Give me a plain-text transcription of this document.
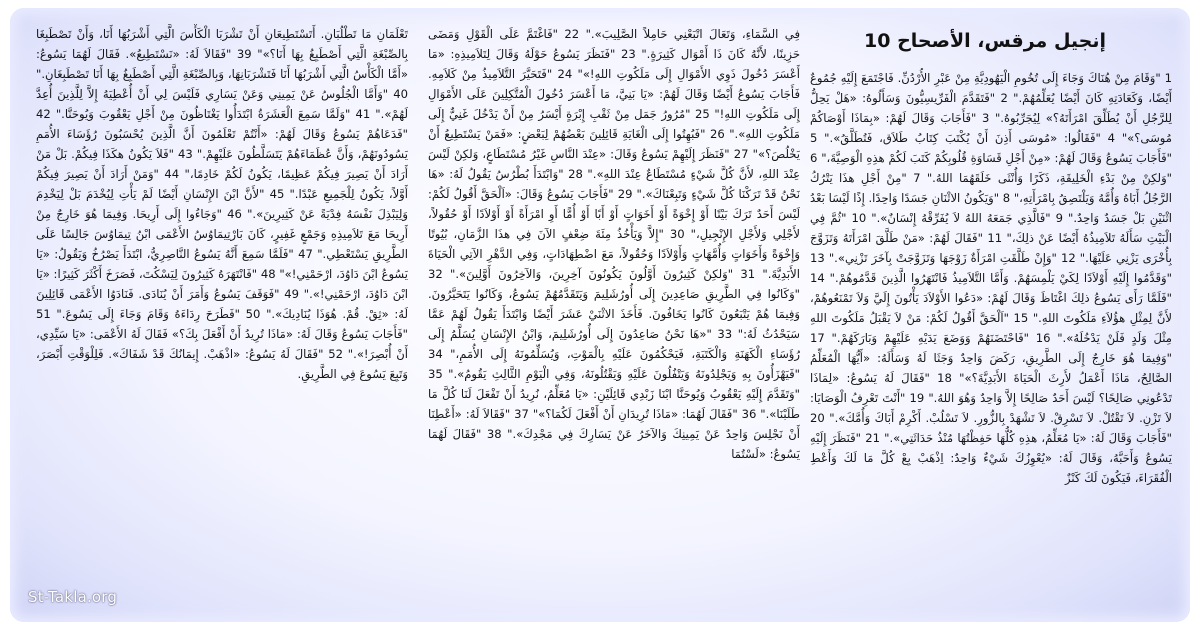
إنجيل مرقس، الأصحاح 10
1 "وَقَامَ مِنْ هُنَاكَ وَجَاءَ إِلَى تُخُومِ الْيَهُودِيَّةِ مِنْ عَبْرِ الأُرْدُنِّ. فَاجْتَمَعَ إِلَيْهِ جُمُوعٌ أَيْضًا، وَكَعَادَتِهِ كَانَ أَيْضًا يُعَلِّمُهُمْ." 2 "فَتَقَدَّمَ الْفَرِّيسِيُّونَ وَسَأَلُوهُ: «هَلْ يَحِلُّ لِلرَّجُلِ أَنْ يُطَلِّقَ امْرَأَتَهُ؟» لِيُجَرِّبُوهُ." 3 "فَأَجَابَ وَقَالَ لَهُمْ: «بِمَاذَا أَوْصَاكُمْ مُوسَى؟»" 4 "فَقَالُوا: «مُوسَى أَذِنَ أَنْ يُكْتَبَ كِتَابُ طَلاَق، فَتُطَلَّقُ»." 5 "فَأَجَابَ يَسُوعُ وَقَالَ لَهُمْ: «مِنْ أَجْلِ قَسَاوَةِ قُلُوبِكُمْ كَتَبَ لَكُمْ هذِهِ الْوَصِيَّةَ،" 6 "وَلكِنْ مِنْ بَدْءِ الْخَلِيقَةِ، ذَكَرًا وَأُنْثَى خَلَقَهُمَا اللهُ." 7 "مِنْ أَجْلِ هذَا يَتْرُكُ الرَّجُلُ أَبَاهُ وَأُمَّهُ وَيَلْتَصِقُ بِامْرَأَتِهِ،" 8 "وَيَكُونُ الاثْنَانِ جَسَدًا وَاحِدًا. إِذًا لَيْسَا بَعْدُ اثْنَيْنِ بَلْ جَسَدٌ وَاحِدٌ." 9 "فَالَّذِي جَمَعَهُ اللهُ لاَ يُفَرِّقْهُ إِنْسَانٌ»." 10 "ثُمَّ فِي الْبَيْتِ سَأَلَهُ تَلاَمِيذُهُ أَيْضًا عَنْ ذلِكَ،" 11 "فَقَالَ لَهُمْ: «مَنْ طَلَّقَ امْرَأَتَهُ وَتَزَوَّجَ بِأُخْرَى يَزْنِي عَلَيْهَا." 12 "وَإِنْ طَلَّقَتِ امْرَأَةٌ زَوْجَهَا وَتَزَوَّجَتْ بِآخَرَ تَزْنِي»." 13 "وَقَدَّمُوا إِلَيْهِ أَوْلاَدًا لِكَيْ يَلْمِسَهُمْ. وَأَمَّا التَّلاَمِيذُ فَانْتَهَرُوا الَّذِينَ قَدَّمُوهُمْ." 14 "فَلَمَّا رَأَى يَسُوعُ ذلِكَ اغْتَاظَ وَقَالَ لَهُمْ: «دَعُوا الأَوْلاَدَ يَأْتُونَ إِلَيَّ وَلاَ تَمْنَعُوهُمْ، لأَنَّ لِمِثْلِ هؤُلاَءِ مَلَكُوتَ اللهِ." 15 "اَلْحَقَّ أَقُولُ لَكُمْ: مَنْ لاَ يَقْبَلُ مَلَكُوتَ اللهِ مِثْلَ وَلَدٍ فَلَنْ يَدْخُلَهُ»." 16 "فَاحْتَضَنَهُمْ وَوَضَعَ يَدَيْهِ عَلَيْهِمْ وَبَارَكَهُمْ." 17 "وَفِيمَا هُوَ خَارِجٌ إِلَى الطَّرِيقِ، رَكَضَ وَاحِدٌ وَجَثَا لَهُ وَسَأَلَهُ: «أَيُّهَا الْمُعَلِّمُ الصَّالِحُ، مَاذَا أَعْمَلُ لأَرِثَ الْحَيَاةَ الأَبَدِيَّةَ؟»" 18 "فَقَالَ لَهُ يَسُوعُ: «لِمَاذَا تَدْعُونِي صَالِحًا؟ لَيْسَ أَحَدٌ صَالِحًا إِلاَّ وَاحِدٌ وَهُوَ اللهُ." 19 "أَنْتَ تَعْرِفُ الْوَصَايَا: لاَ تَزْنِ. لاَ تَقْتُلْ. لاَ تَسْرِقْ. لاَ تَشْهَدْ بِالزُّورِ. لاَ تَسْلُبْ. أَكْرِمْ أَبَاكَ وَأُمَّكَ»." 20 "فَأَجَابَ وَقَالَ لَهُ: «يَا مُعَلِّمُ، هذِهِ كُلُّهَا حَفِظْتُهَا مُنْذُ حَدَاثَتِي»." 21 "فَنَظَرَ إِلَيْهِ يَسُوعُ وَأَحَبَّهُ، وَقَالَ لَهُ: «يُعْوِزُكَ شَيْءٌ وَاحِدٌ: اِذْهَبْ بِعْ كُلَّ مَا لَكَ وَأَعْطِ الْفُقَرَاءَ، فَيَكُونَ لَكَ كَنْزٌ
فِي السَّمَاءِ، وَتَعَالَ اتْبَعْنِي حَامِلاً الصَّلِيبَ»." 22 "فَاغْتَمَّ عَلَى الْقَوْلِ وَمَضَى حَزِينًا، لأَنَّهُ كَانَ ذَا أَمْوَال كَثِيرَةٍ." 23 "فَنَظَرَ يَسُوعُ حَوْلَهُ وَقَالَ لِتَلاَمِيذِهِ: «مَا أَعْسَرَ دُخُولَ ذَوِي الأَمْوَالِ إِلَى مَلَكُوتِ اللهِ!»" 24 "فَتَحَيَّرَ التَّلاَمِيذُ مِنْ كَلاَمِهِ. فَأَجَابَ يَسُوعُ أَيْضًا وَقَالَ لَهُمْ: «يَا بَنِيَّ، مَا أَعْسَرَ دُخُولَ الْمُتَّكِلِينَ عَلَى الأَمْوَالِ إِلَى مَلَكُوتِ اللهِ!" 25 "مُرُورُ جَمَل مِنْ ثَقْبِ إِبْرَةٍ أَيْسَرُ مِنْ أَنْ يَدْخُلَ غَنِيٌّ إِلَى مَلَكُوتِ اللهِ»." 26 "فَبُهِتُوا إِلَى الْغَايَةِ قَائِلِينَ بَعْضُهُمْ لِبَعْضٍ: «فَمَنْ يَسْتَطِيعُ أَنْ يَخْلُصَ؟»" 27 "فَنَظَرَ إِلَيْهِمْ يَسُوعُ وَقَالَ: «عِنْدَ النَّاسِ غَيْرُ مُسْتَطَاعٍ، وَلكِنْ لَيْسَ عِنْدَ اللهِ، لأَنَّ كُلَّ شَيْءٍ مُسْتَطَاعٌ عِنْدَ اللهِ»." 28 "وَابْتَدَأَ بُطْرُسُ يَقُولُ لَهُ: «هَا نَحْنُ قَدْ تَرَكْنَا كُلَّ شَيْءٍ وَتَبِعْنَاكَ»." 29 "فَأَجَابَ يَسُوعُ وَقَالَ: «اَلْحَقَّ أَقُولُ لَكُمْ: لَيْسَ أَحَدٌ تَرَكَ بَيْتًا أَوْ إِخْوَةً أَوْ أَخَوَاتٍ أَوْ أَبًا أَوْ أُمًّا أَوِ امْرَأَةً أَوْ أَوْلاَدًا أَوْ حُقُولاً، لأَجْلِي وَلأَجْلِ الإِنْجِيلِ،" 30 "إِلاَّ وَيَأْخُذُ مِئَةَ ضِعْفٍ الآنَ فِي هذَا الزَّمَانِ، بُيُوتًا وَإِخْوَةً وَأَخَوَاتٍ وَأُمَّهَاتٍ وَأَوْلاَدًا وَحُقُولاً، مَعَ اضْطِهَادَاتٍ، وَفِي الدَّهْرِ الآتِي الْحَيَاةَ الأَبَدِيَّةَ." 31 "وَلكِنْ كَثِيرُونَ أَوَّلُونَ يَكُونُونَ آخِرِينَ، وَالآخِرُونَ أَوَّلِينَ»." 32 "وَكَانُوا فِي الطَّرِيقِ صَاعِدِينَ إِلَى أُورُشَلِيمَ وَيَتَقَدَّمُهُمْ يَسُوعُ، وَكَانُوا يَتَحَيَّرُونَ. وَفِيمَا هُمْ يَتْبَعُونَ كَانُوا يَخَافُونَ. فَأَخَذَ الاثْنَيْ عَشَرَ أَيْضًا وَابْتَدَأَ يَقُولُ لَهُمْ عَمَّا سَيَحْدُثُ لَهُ:" 33 "«هَا نَحْنُ صَاعِدُونَ إِلَى أُورُشَلِيمَ، وَابْنُ الإِنْسَانِ يُسَلَّمُ إِلَى رُؤَسَاءِ الْكَهَنَةِ وَالْكَتَبَةِ، فَيَحْكُمُونَ عَلَيْهِ بِالْمَوْتِ، وَيُسَلِّمُونَهُ إِلَى الأُمَمِ،" 34 "فَيَهْزَأُونَ بِهِ وَيَجْلِدُونَهُ وَيَتْفُلُونَ عَلَيْهِ وَيَقْتُلُونَهُ، وَفِي الْيَوْمِ الثَّالِثِ يَقُومُ»." 35 "وَتَقَدَّمَ إِلَيْهِ يَعْقُوبُ وَيُوحَنَّا ابْنَا زَبْدِي قَائِلَيْنِ: «يَا مُعَلِّمُ، نُرِيدُ أَنْ تَفْعَلَ لَنَا كُلَّ مَا طَلَبْنَا»." 36 "فَقَالَ لَهُمَا: «مَاذَا تُرِيدَانِ أَنْ أَفْعَلَ لَكُمَا؟»" 37 "فَقَالاَ لَهُ: «أَعْطِنَا أَنْ نَجْلِسَ وَاحِدٌ عَنْ يَمِينِكَ وَالآخَرُ عَنْ يَسَارِكَ فِي مَجْدِكَ»." 38 "فَقَالَ لَهُمَا يَسُوعُ: «لَسْتُمَا
تَعْلَمَانِ مَا تَطْلُبَانِ. أَتَسْتَطِيعَانِ أَنْ تَشْرَبَا الْكَأْسَ الَّتِي أَشْرَبُهَا أَنَا، وَأَنْ تَصْطَبِغَا بِالصِّبْغَةِ الَّتِي أَصْطَبِغُ بِهَا أَنَا؟»" 39 "فَقَالاَ لَهُ: «نَسْتَطِيعُ». فَقَالَ لَهُمَا يَسُوعُ: «أَمَّا الْكَأْسُ الَّتِي أَشْرَبُهَا أَنَا فَتَشْرَبَانِهَا، وَبِالصِّبْغَةِ الَّتِي أَصْطَبِغُ بِهَا أَنَا تَصْطَبِغَانِ." 40 "وَأَمَّا الْجُلُوسُ عَنْ يَمِينِي وَعَنْ يَسَارِي فَلَيْسَ لِي أَنْ أُعْطِيَهُ إِلاَّ لِلَّذِينَ أُعِدَّ لَهُمْ»." 41 "وَلَمَّا سَمِعَ الْعَشَرَةُ ابْتَدَأُوا يَغْتَاظُونَ مِنْ أَجْلِ يَعْقُوبَ وَيُوحَنَّا." 42 "فَدَعَاهُمْ يَسُوعُ وَقَالَ لَهُمْ: «أَنْتُمْ تَعْلَمُونَ أَنَّ الَّذِينَ يُحْسَبُونَ رُؤَسَاءَ الأُمَمِ يَسُودُونَهُمْ، وَأَنَّ عُظَمَاءَهُمْ يَتَسَلَّطُونَ عَلَيْهِمْ." 43 "فَلاَ يَكُونُ هكَذَا فِيكُمْ. بَلْ مَنْ أَرَادَ أَنْ يَصِيرَ فِيكُمْ عَظِيمًا، يَكُونُ لَكُمْ خَادِمًا،" 44 "وَمَنْ أَرَادَ أَنْ يَصِيرَ فِيكُمْ أَوَّلاً، يَكُونُ لِلْجَمِيعِ عَبْدًا." 45 "لأَنَّ ابْنَ الإِنْسَانِ أَيْضًا لَمْ يَأْتِ لِيُخْدَمَ بَلْ لِيَخْدِمَ وَلِيَبْذِلَ نَفْسَهُ فِدْيَةً عَنْ كَثِيرِينَ»." 46 "وَجَاءُوا إِلَى أَرِيحَا. وَفِيمَا هُوَ خَارِجٌ مِنْ أَرِيحَا مَعَ تَلاَمِيذِهِ وَجَمْعٍ غَفِيرٍ، كَانَ بَارْتِيمَاوُسُ الأَعْمَى ابْنُ تِيمَاوُسَ جَالِسًا عَلَى الطَّرِيقِ يَسْتَعْطِي." 47 "فَلَمَّا سَمِعَ أَنَّهُ يَسُوعُ النَّاصِرِيُّ، ابْتَدَأَ يَصْرُخُ وَيَقُولُ: «يَا يَسُوعُ ابْنَ دَاوُدَ، ارْحَمْنِي!»" 48 "فَانْتَهَرَهُ كَثِيرُونَ لِيَسْكُتَ، فَصَرَخَ أَكْثَرَ كَثِيرًا: «يَا ابْنَ دَاوُدَ، ارْحَمْنِي!»." 49 "فَوَقَفَ يَسُوعُ وَأَمَرَ أَنْ يُنَادَى. فَنَادَوُا الأَعْمَى قَائِلِينَ لَهُ: «ثِقْ. قُمْ. هُوَذَا يُنَادِيكَ»." 50 "فَطَرَحَ رِدَاءَهُ وَقَامَ وَجَاءَ إِلَى يَسُوعَ." 51 "فَأَجَابَ يَسُوعُ وَقَالَ لَهُ: «مَاذَا تُرِيدُ أَنْ أَفْعَلَ بِكَ؟» فَقَالَ لَهُ الأَعْمَى: «يَا سَيِّدِي، أَنْ أُبْصِرَ!»." 52 "فَقَالَ لَهُ يَسُوعُ: «اذْهَبْ. إِيمَانُكَ قَدْ شَفَاكَ». فَلِلْوَقْتِ أَبْصَرَ، وَتَبِعَ يَسُوعَ فِي الطَّرِيقِ.
St-Takla.org
